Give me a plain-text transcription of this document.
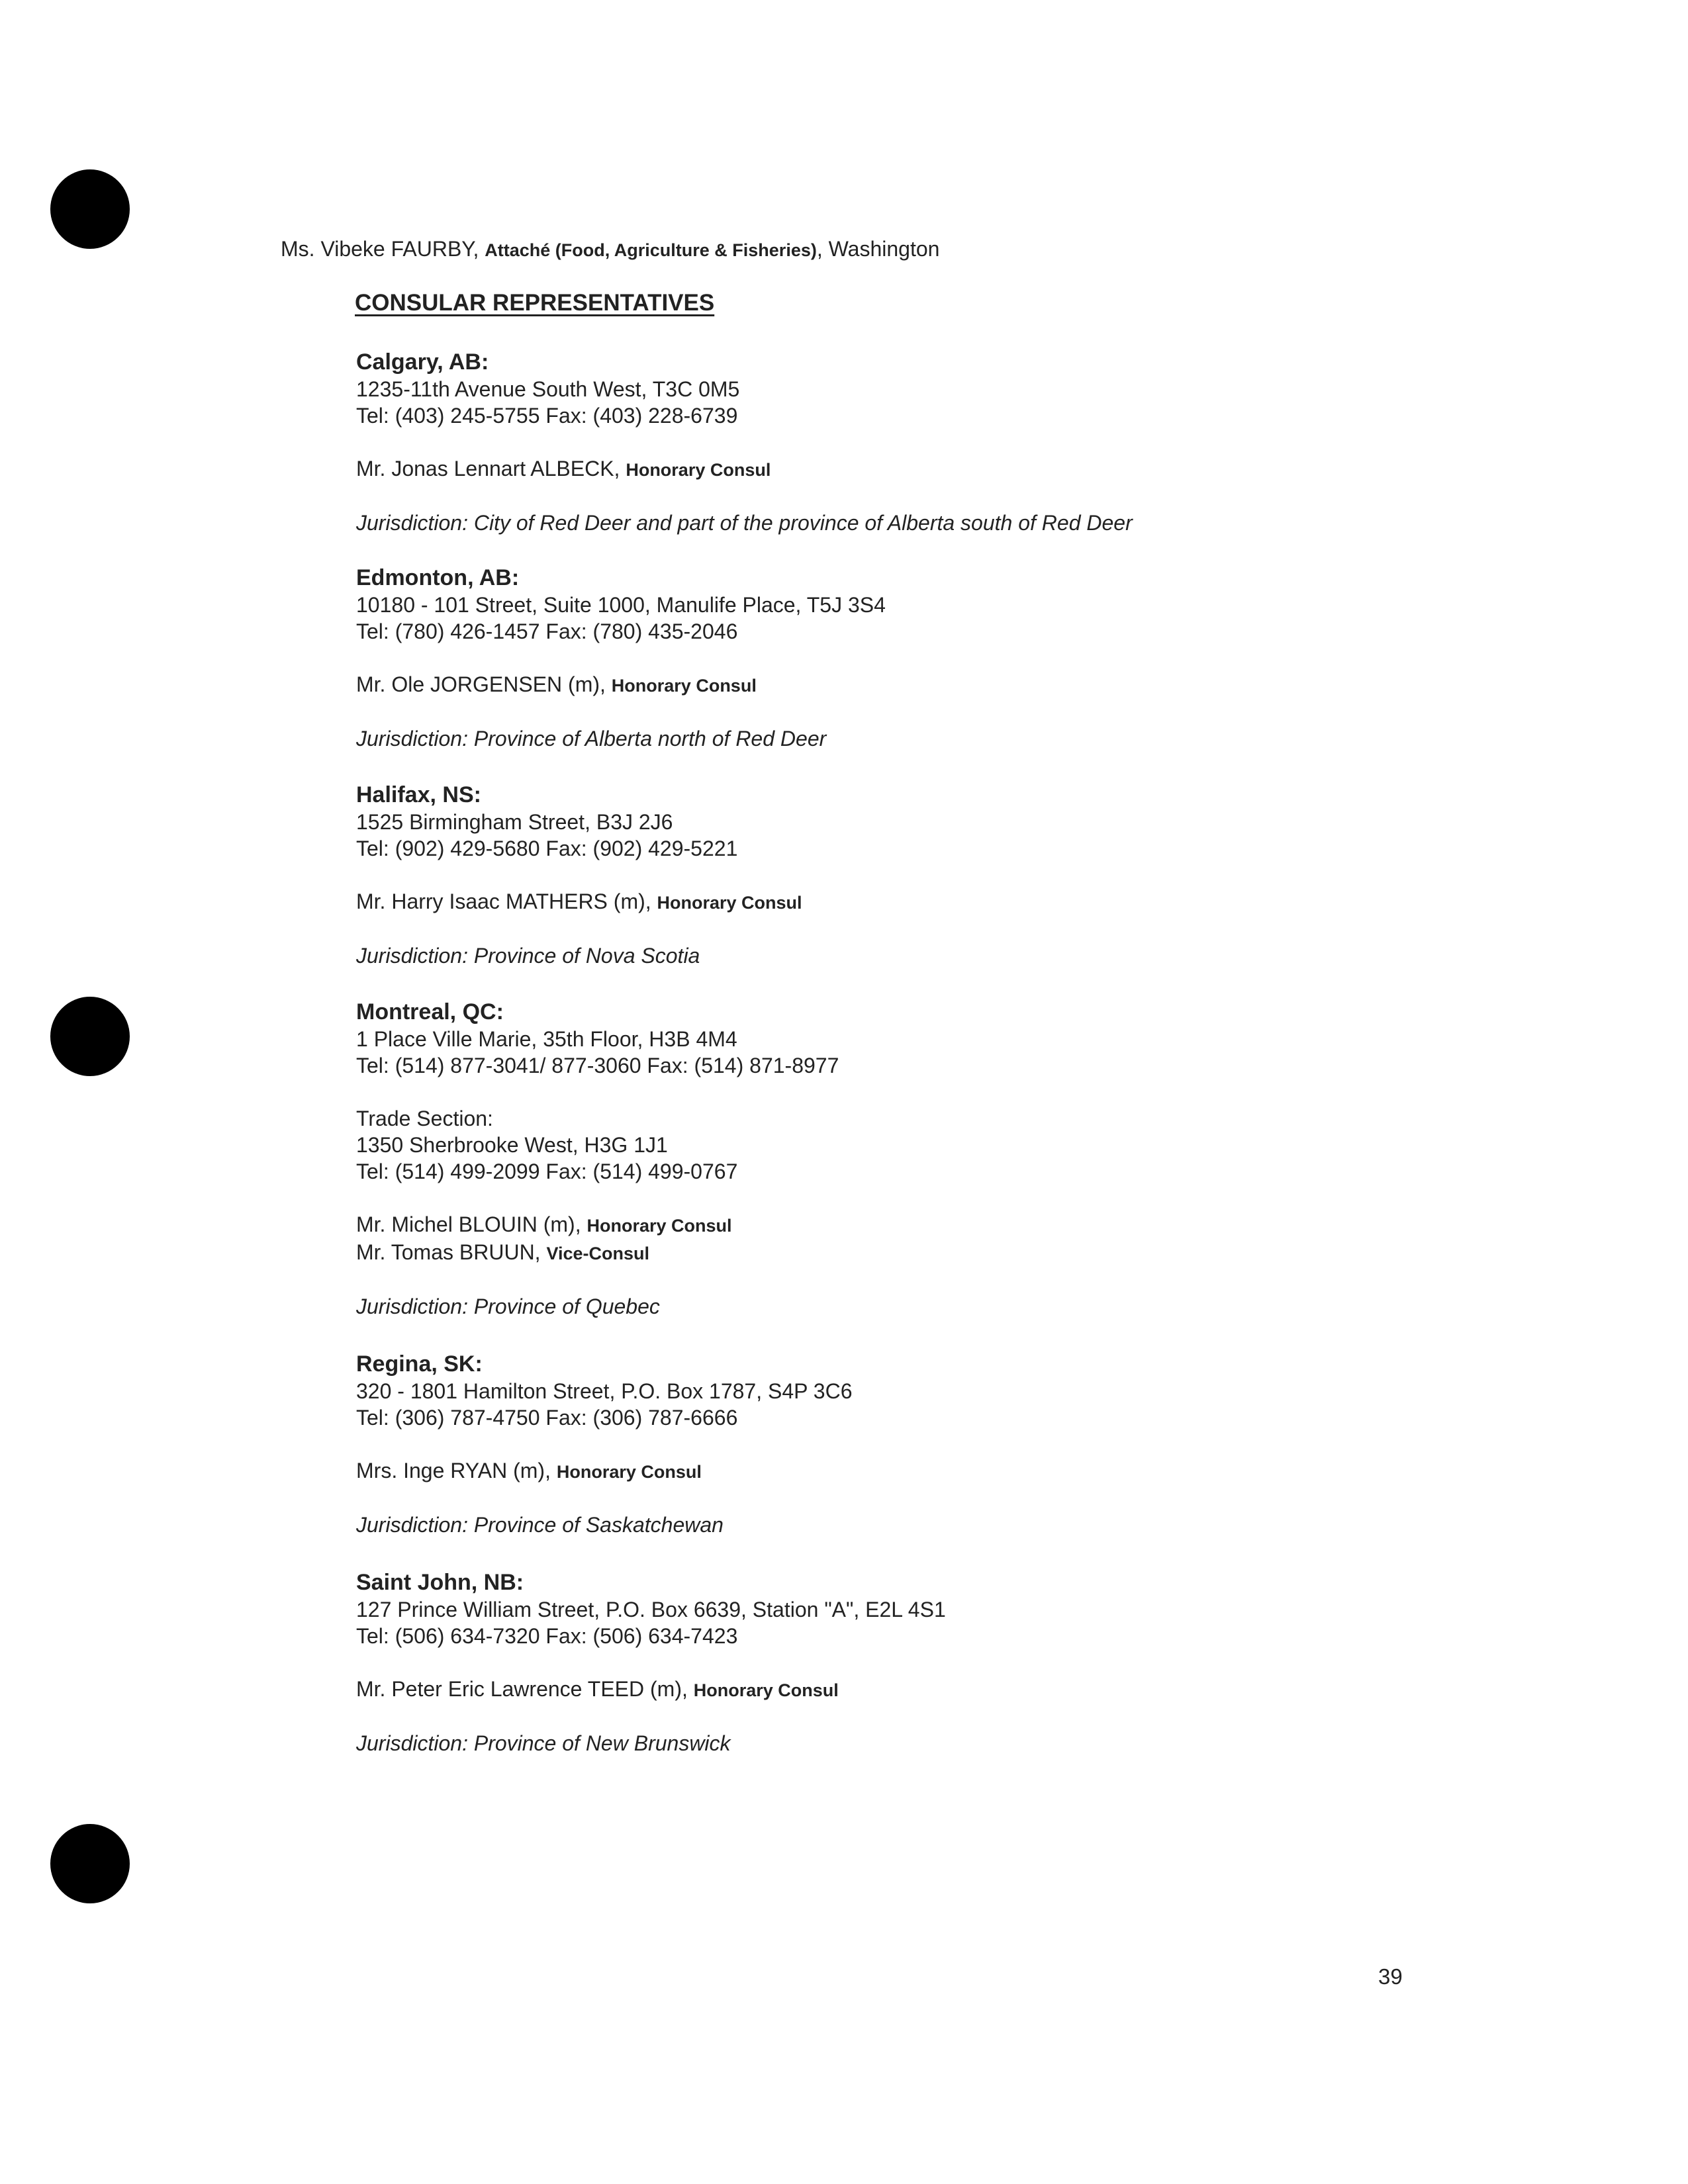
Ms. Vibeke FAURBY, Attaché (Food, Agriculture & Fisheries), Washington
CONSULAR REPRESENTATIVES
Calgary, AB:
1235-11th Avenue South West, T3C 0M5
Tel: (403) 245-5755 Fax: (403) 228-6739
Mr. Jonas Lennart ALBECK, Honorary Consul
Jurisdiction: City of Red Deer and part of the province of Alberta south of Red Deer
Edmonton, AB:
10180 - 101 Street, Suite 1000, Manulife Place, T5J 3S4
Tel: (780) 426-1457 Fax: (780) 435-2046
Mr. Ole JORGENSEN (m), Honorary Consul
Jurisdiction: Province of Alberta north of Red Deer
Halifax, NS:
1525 Birmingham Street, B3J 2J6
Tel: (902) 429-5680 Fax: (902) 429-5221
Mr. Harry Isaac MATHERS (m), Honorary Consul
Jurisdiction: Province of Nova Scotia
Montreal, QC:
1 Place Ville Marie, 35th Floor, H3B 4M4
Tel: (514) 877-3041/ 877-3060 Fax: (514) 871-8977
Trade Section:
1350 Sherbrooke West, H3G 1J1
Tel: (514) 499-2099 Fax: (514) 499-0767
Mr. Michel BLOUIN (m), Honorary Consul
Mr. Tomas BRUUN, Vice-Consul
Jurisdiction: Province of Quebec
Regina, SK:
320 - 1801 Hamilton Street, P.O. Box 1787, S4P 3C6
Tel: (306) 787-4750 Fax: (306) 787-6666
Mrs. Inge RYAN (m), Honorary Consul
Jurisdiction: Province of Saskatchewan
Saint John, NB:
127 Prince William Street, P.O. Box 6639, Station "A", E2L 4S1
Tel: (506) 634-7320 Fax: (506) 634-7423
Mr. Peter Eric Lawrence TEED (m), Honorary Consul
Jurisdiction: Province of New Brunswick
39
